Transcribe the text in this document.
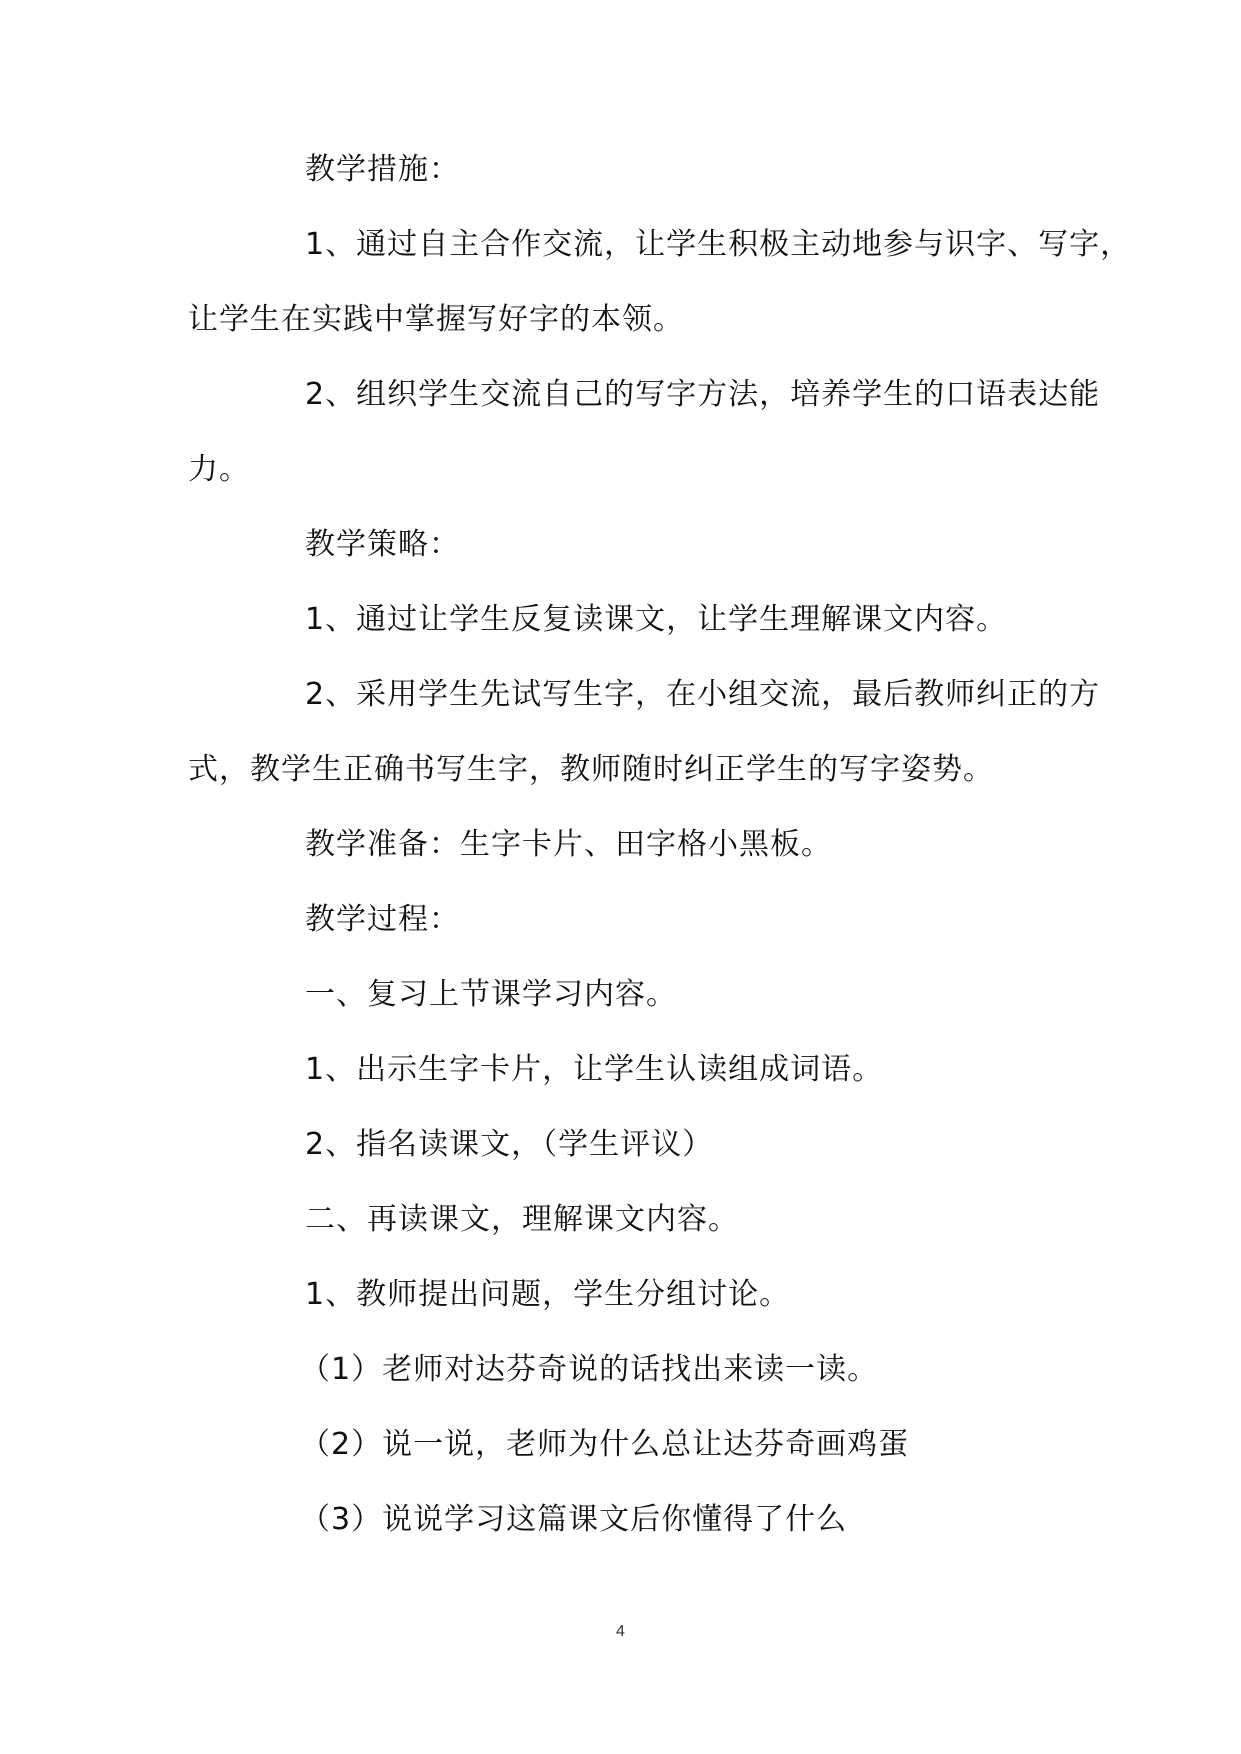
教学措施：
1、通过自主合作交流，让学生积极主动地参与识字、写字，
让学生在实践中掌握写好字的本领。
2、组织学生交流自己的写字方法，培养学生的口语表达能
力。
教学策略：
1、通过让学生反复读课文，让学生理解课文内容。
2、采用学生先试写生字，在小组交流，最后教师纠正的方
式，教学生正确书写生字，教师随时纠正学生的写字姿势。
教学准备：生字卡片、田字格小黑板。
教学过程：
一、复习上节课学习内容。
1、出示生字卡片，让学生认读组成词语。
2、指名读课文，（学生评议）
二、再读课文，理解课文内容。
1、教师提出问题，学生分组讨论。
（1）老师对达芬奇说的话找出来读一读。
（2）说一说，老师为什么总让达芬奇画鸡蛋
（3）说说学习这篇课文后你懂得了什么
4
